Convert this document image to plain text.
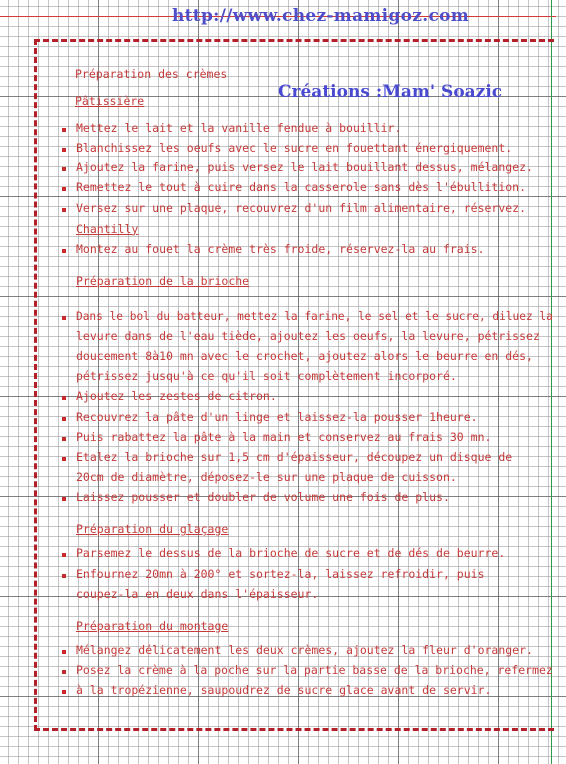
http://www.chez-mamigoz.com
Créations :Mam' Soazic

Préparation des crèmes

Pâtissière

Mettez le lait et la vanille fendue à bouillir.

Blanchissez les oeufs avec le sucre en fouettant énergiquement.

Ajoutez la farine, puis versez le lait bouillant dessus, mélangez.

Remettez le tout à cuire dans la casserole sans dès l'ébullition.

Versez sur une plaque, recouvrez d'un film alimentaire, réservez.

Chantilly

Montez au fouet la crème très froide, réservez-la au frais.

Préparation de la brioche

Dans le bol du batteur, mettez la farine, le sel et le sucre, diluez la

levure dans de l'eau tiède, ajoutez les oeufs, la levure, pétrissez

doucement 8à10 mn avec le crochet, ajoutez alors le beurre en dés,

pétrissez jusqu'à ce qu'il soit complètement incorporé.

Ajoutez les zestes de citron.

Recouvrez la pâte d'un linge et laissez-la pousser 1heure.

Puis rabattez la pâte à la main et conservez au frais 30 mn.

Etalez la brioche sur 1,5 cm d'épaisseur, découpez un disque de

20cm de diamètre, déposez-le sur une plaque de cuisson.

Laissez pousser et doubler de volume une fois de plus.

Préparation du glaçage

Parsemez le dessus de la brioche de sucre et de dés de beurre.

Enfournez 20mn à 200° et sortez-la, laissez refroidir, puis

coupez-la en deux dans l'épaisseur.

Préparation du montage

Mélangez délicatement les deux crèmes, ajoutez la fleur d'oranger.

Posez la crème à la poche sur la partie basse de la brioche, refermez

à la tropézienne, saupoudrez de sucre glace avant de servir.
